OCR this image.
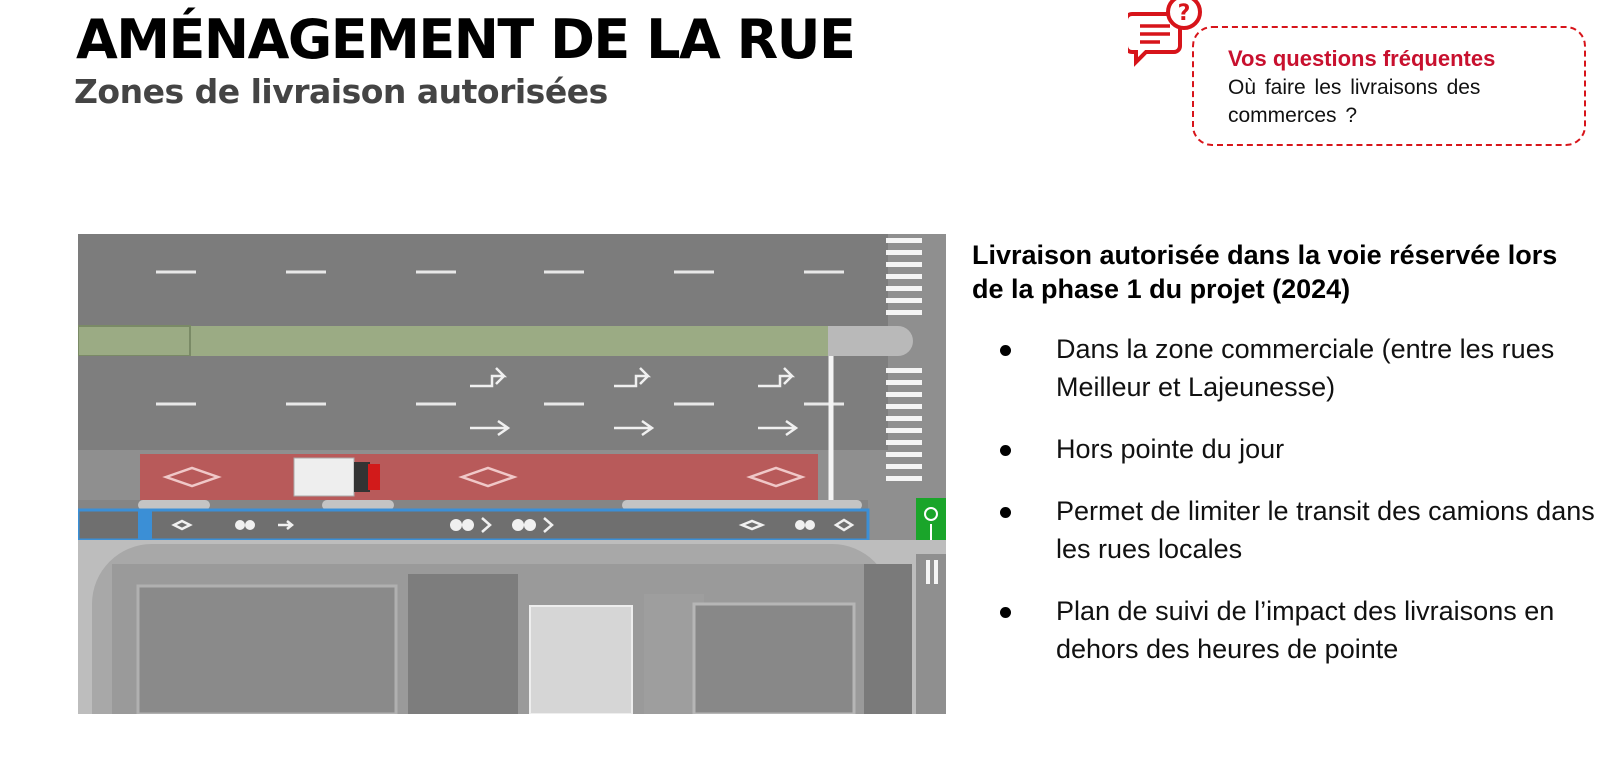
AMÉNAGEMENT DE LA RUE
Zones de livraison autorisées
?
Vos questions fréquentes
Où faire les livraisons des commerces ?
Livraison autorisée dans la voie réservée lors de la phase 1 du projet (2024)
Dans la zone commerciale (entre les rues Meilleur et Lajeunesse)
Hors pointe du jour
Permet de limiter le transit des camions dans les rues locales
Plan de suivi de l’impact des livraisons en dehors des heures de pointe
